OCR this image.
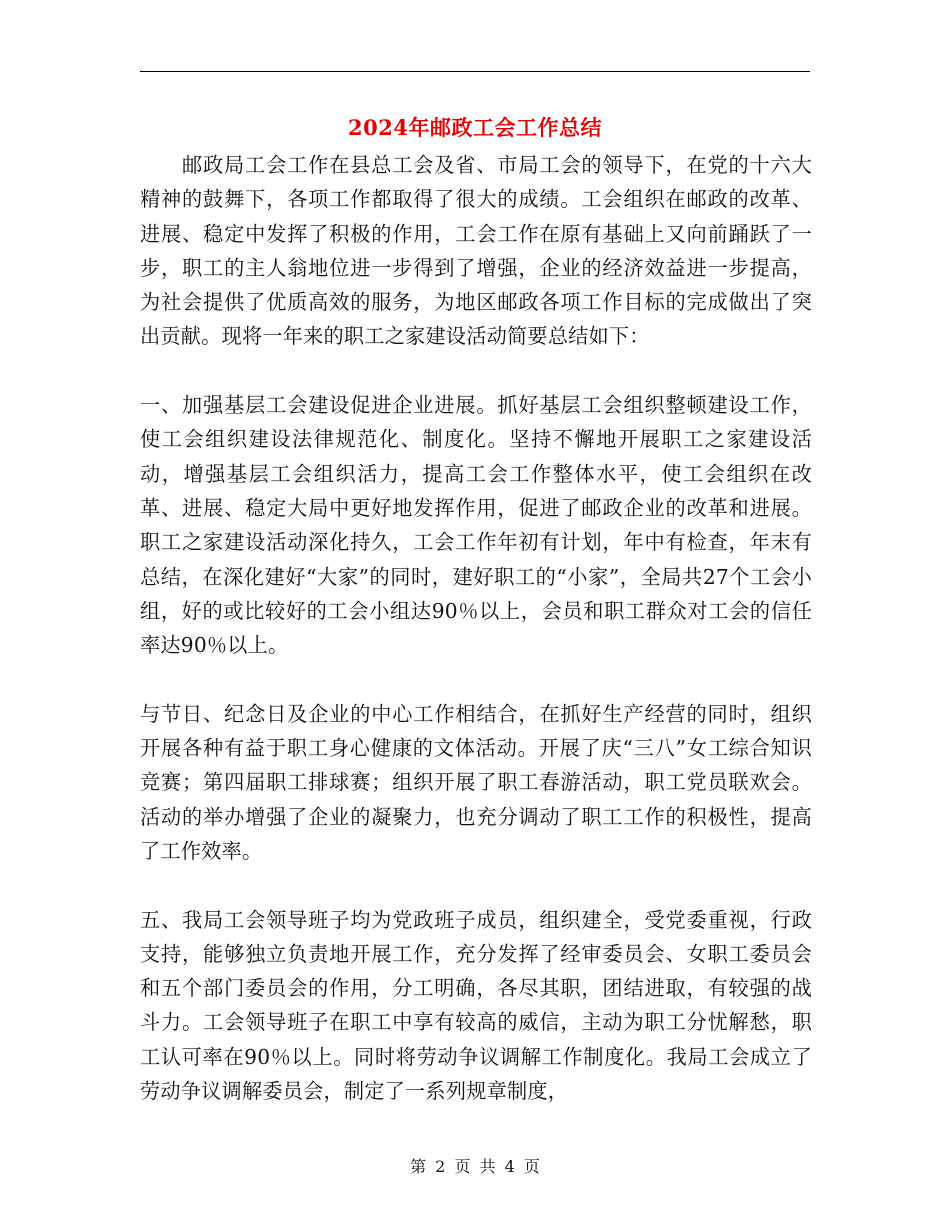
2024年邮政工会工作总结

邮政局工会工作在县总工会及省、市局工会的领导下，在党的十六大精神的鼓舞下，各项工作都取得了很大的成绩。工会组织在邮政的改革、进展、稳定中发挥了积极的作用，工会工作在原有基础上又向前踊跃了一步，职工的主人翁地位进一步得到了增强，企业的经济效益进一步提高，为社会提供了优质高效的服务，为地区邮政各项工作目标的完成做出了突出贡献。现将一年来的职工之家建设活动简要总结如下：

一、加强基层工会建设促进企业进展。抓好基层工会组织整顿建设工作，使工会组织建设法律规范化、制度化。坚持不懈地开展职工之家建设活动，增强基层工会组织活力，提高工会工作整体水平，使工会组织在改革、进展、稳定大局中更好地发挥作用，促进了邮政企业的改革和进展。职工之家建设活动深化持久，工会工作年初有计划，年中有检查，年末有总结，在深化建好“大家”的同时，建好职工的“小家”，全局共27个工会小组，好的或比较好的工会小组达90％以上，会员和职工群众对工会的信任率达90％以上。

与节日、纪念日及企业的中心工作相结合，在抓好生产经营的同时，组织开展各种有益于职工身心健康的文体活动。开展了庆“三八”女工综合知识竞赛；第四届职工排球赛；组织开展了职工春游活动，职工党员联欢会。活动的举办增强了企业的凝聚力，也充分调动了职工工作的积极性，提高了工作效率。

五、我局工会领导班子均为党政班子成员，组织建全，受党委重视，行政支持，能够独立负责地开展工作，充分发挥了经审委员会、女职工委员会和五个部门委员会的作用，分工明确，各尽其职，团结进取，有较强的战斗力。工会领导班子在职工中享有较高的威信，主动为职工分忧解愁，职工认可率在90％以上。同时将劳动争议调解工作制度化。我局工会成立了劳动争议调解委员会，制定了一系列规章制度，

第 2 页 共 4 页
